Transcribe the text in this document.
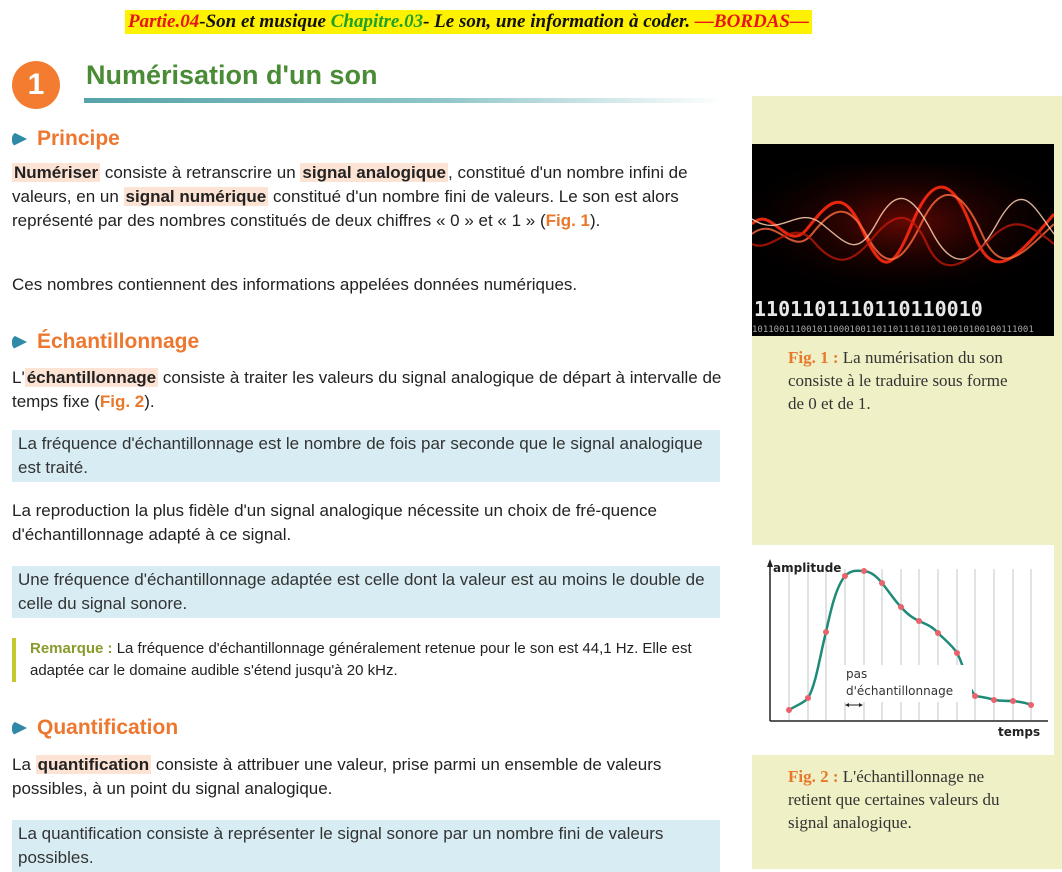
Partie.04-Son et musique Chapitre.03- Le son, une information à coder. —BORDAS—
1	Numérisation d'un son
Principe
Numériser consiste à retranscrire un signal analogique , constitué d'un nombre infini de valeurs, en un signal numérique constitué d'un nombre fini de valeurs. Le son est alors représenté par des nombres constitués de deux chiffres « 0 » et « 1 » (Fig. 1).
Ces nombres contiennent des informations appelées données numériques.
Échantillonnage
L' échantillonnage consiste à traiter les valeurs du signal analogique de départ à intervalle de temps fixe (Fig. 2).
La fréquence d'échantillonnage est le nombre de fois par seconde que le signal analogique est traité.
La reproduction la plus fidèle d'un signal analogique nécessite un choix de fré-quence d'échantillonnage adapté à ce signal.
Une fréquence d'échantillonnage adaptée est celle dont la valeur est au moins le double de celle du signal sonore.
Remarque : La fréquence d'échantillonnage généralement retenue pour le son est 44,1 Hz. Elle est adaptée car le domaine audible s'étend jusqu'à 20 kHz.
Quantification
La quantification consiste à attribuer une valeur, prise parmi un ensemble de valeurs possibles, à un point du signal analogique.
La quantification consiste à représenter le signal sonore par un nombre fini de valeurs possibles.
1101101110110110010
1011001110010110001001101101110110110010100100111001
Fig. 1 : La numérisation du son consiste à le traduire sous forme de 0 et de 1.
amplitude
temps
pas
d'échantillonnage
Fig. 2 : L'échantillonnage ne retient que certaines valeurs du signal analogique.
